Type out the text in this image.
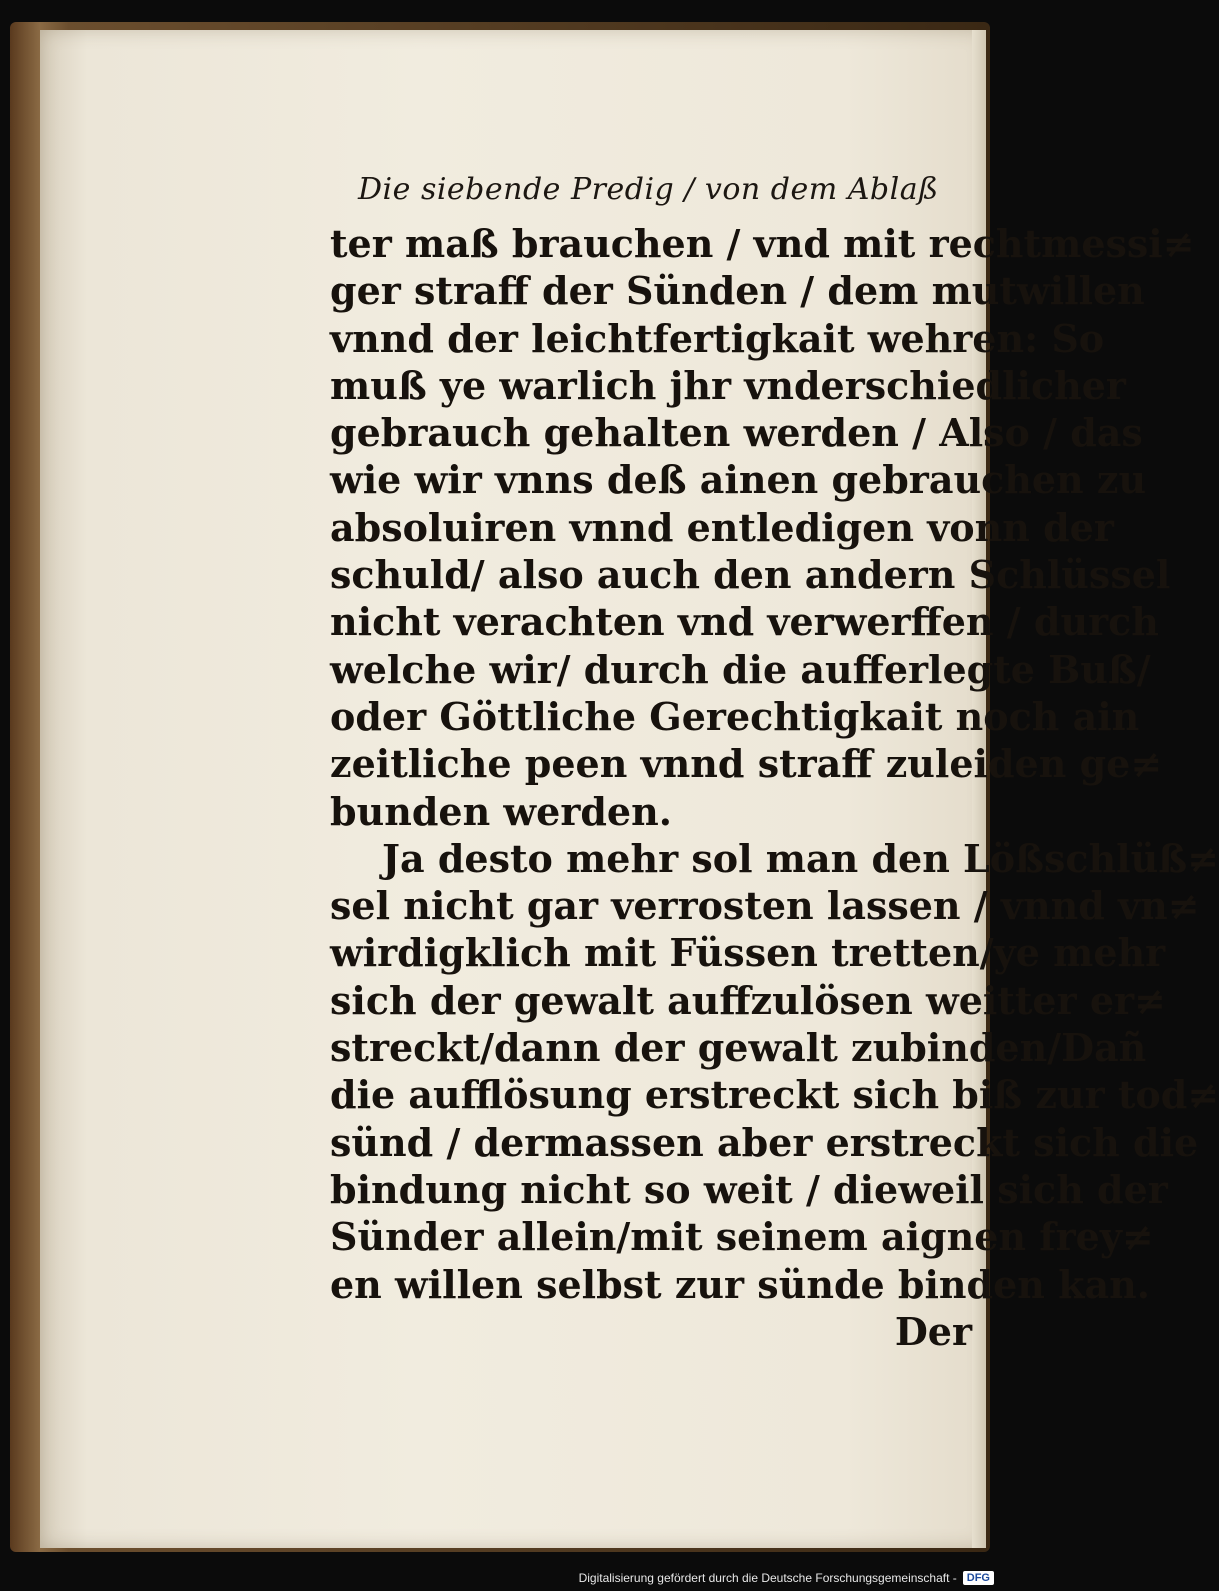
Die siebende Predig / von dem Ablaß
ter maß brauchen / vnd mit rechtmessi≠
ger straff der Sünden / dem mutwillen
vnnd der leichtfertigkait wehren: So
muß ye warlich jhr vnderschiedlicher
gebrauch gehalten werden / Also / das
wie wir vnns deß ainen gebrauchen zu
absoluiren vnnd entledigen vonn der
schuld/ also auch den andern Schlüssel
nicht verachten vnd verwerffen / durch
welche wir/ durch die aufferlegte Buß/
oder Göttliche Gerechtigkait noch ain
zeitliche peen vnnd straff zuleiden ge≠
bunden werden.
Ja desto mehr sol man den Lößschlüß≠
sel nicht gar verrosten lassen / vnnd vn≠
wirdigklich mit Füssen tretten/ye mehr
sich der gewalt auffzulösen weitter er≠
streckt/dann der gewalt zubinden/Dañ
die aufflösung erstreckt sich biß zur tod≠
sünd / dermassen aber erstreckt sich die
bindung nicht so weit / dieweil sich der
Sünder allein/mit seinem aignen frey≠
en willen selbst zur sünde binden kan.
Der
Digitalisierung gefördert durch die Deutsche Forschungsgemeinschaft - DFG
